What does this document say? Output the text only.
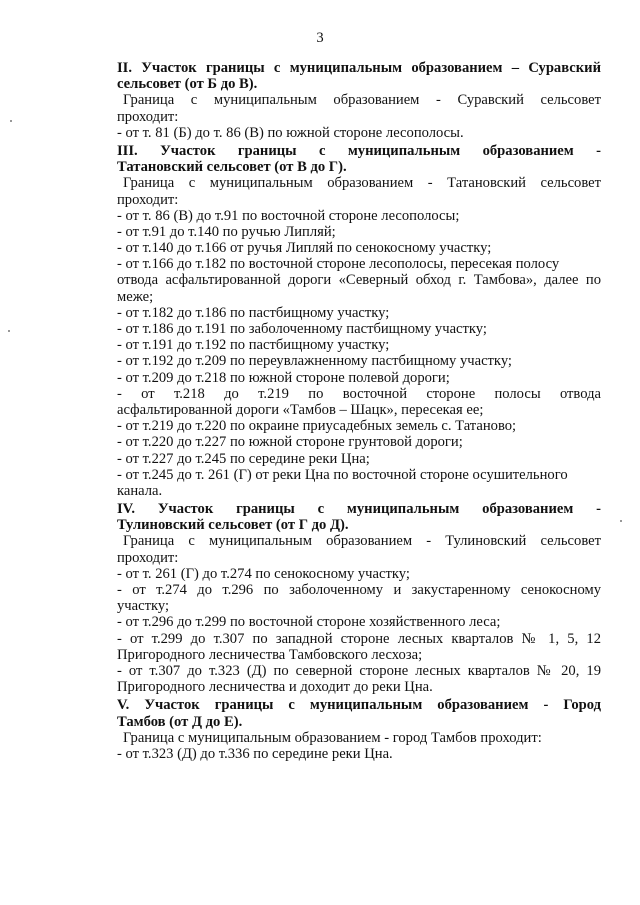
3
II. Участок границы с муниципальным образованием – Суравский
сельсовет (от Б до В).
Граница с муниципальным образованием - Суравский сельсовет
проходит:
- от т. 81 (Б) до т. 86 (В) по южной стороне лесополосы.
III. Участок границы с муниципальным образованием -
Татановский сельсовет (от В до Г).
Граница с муниципальным образованием - Татановский сельсовет
проходит:
- от т. 86 (В) до т.91 по восточной стороне лесополосы;
- от т.91 до т.140 по ручью Липляй;
- от т.140 до т.166 от ручья Липляй по сенокосному участку;
- от т.166 до т.182 по восточной стороне лесополосы, пересекая полосу
отвода асфальтированной дороги «Северный обход г. Тамбова», далее по
меже;
- от т.182 до т.186 по пастбищному участку;
- от т.186 до т.191 по заболоченному пастбищному участку;
- от т.191 до т.192 по пастбищному участку;
- от т.192 до т.209 по переувлажненному пастбищному участку;
- от т.209 до т.218 по южной стороне полевой дороги;
- от т.218 до т.219 по восточной стороне полосы отвода
асфальтированной дороги «Тамбов – Шацк», пересекая ее;
- от т.219 до т.220 по окраине приусадебных земель с. Татаново;
- от т.220 до т.227 по южной стороне грунтовой дороги;
- от т.227 до т.245 по середине реки Цна;
- от т.245 до т. 261 (Г) от реки Цна по восточной стороне осушительного
канала.
IV. Участок границы с муниципальным образованием -
Тулиновский сельсовет (от Г до Д).
Граница с муниципальным образованием - Тулиновский сельсовет
проходит:
- от т. 261 (Г) до т.274 по сенокосному участку;
- от т.274 до т.296 по заболоченному и закустаренному сенокосному
участку;
- от т.296 до т.299 по восточной стороне хозяйственного леса;
- от т.299 до т.307 по западной стороне лесных кварталов № 1, 5, 12
Пригородного лесничества Тамбовского лесхоза;
- от т.307 до т.323 (Д) по северной стороне лесных кварталов № 20, 19
Пригородного лесничества и доходит до реки Цна.
V. Участок границы с муниципальным образованием - Город
Тамбов (от Д до Е).
Граница с муниципальным образованием - город Тамбов проходит:
- от т.323 (Д) до т.336 по середине реки Цна.
